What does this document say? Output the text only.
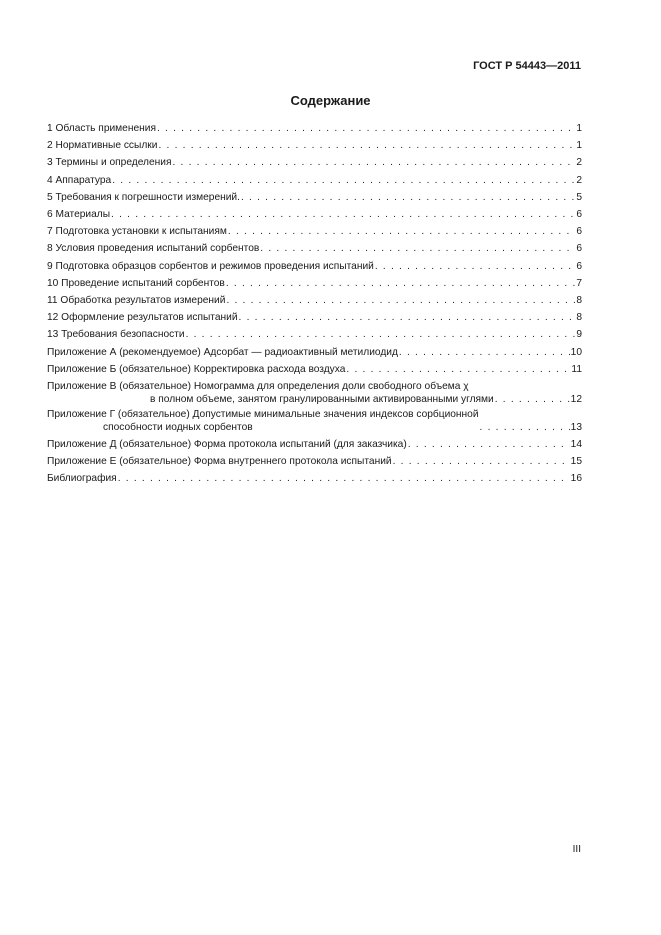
ГОСТ Р 54443—2011
Содержание
1 Область применения . . .	1
2 Нормативные ссылки . . .	1
3 Термины и определения . . .	2
4 Аппаратура . . .	2
5 Требования к погрешности измерений. . . .	5
6 Материалы . . .	6
7 Подготовка установки к испытаниям . . .	6
8 Условия проведения испытаний сорбентов . . .	6
9 Подготовка образцов сорбентов и режимов проведения испытаний . . .	6
10 Проведение испытаний сорбентов . . .	7
11 Обработка результатов измерений . . .	8
12 Оформление результатов испытаний . . .	8
13 Требования безопасности . . .	9
Приложение А (рекомендуемое) Адсорбат — радиоактивный метилиодид . . .	10
Приложение Б (обязательное) Корректировка расхода воздуха . . .	11
Приложение В (обязательное) Номограмма для определения доли свободного объема χ
в полном объеме, занятом гранулированными активированными углями . . .	12
Приложение Г (обязательное) Допустимые минимальные значения индексов сорбционной
способности иодных сорбентов . . .	13
Приложение Д (обязательное) Форма протокола испытаний (для заказчика) . . .	14
Приложение Е (обязательное) Форма внутреннего протокола испытаний . . .	15
Библиография . . .	16
III
